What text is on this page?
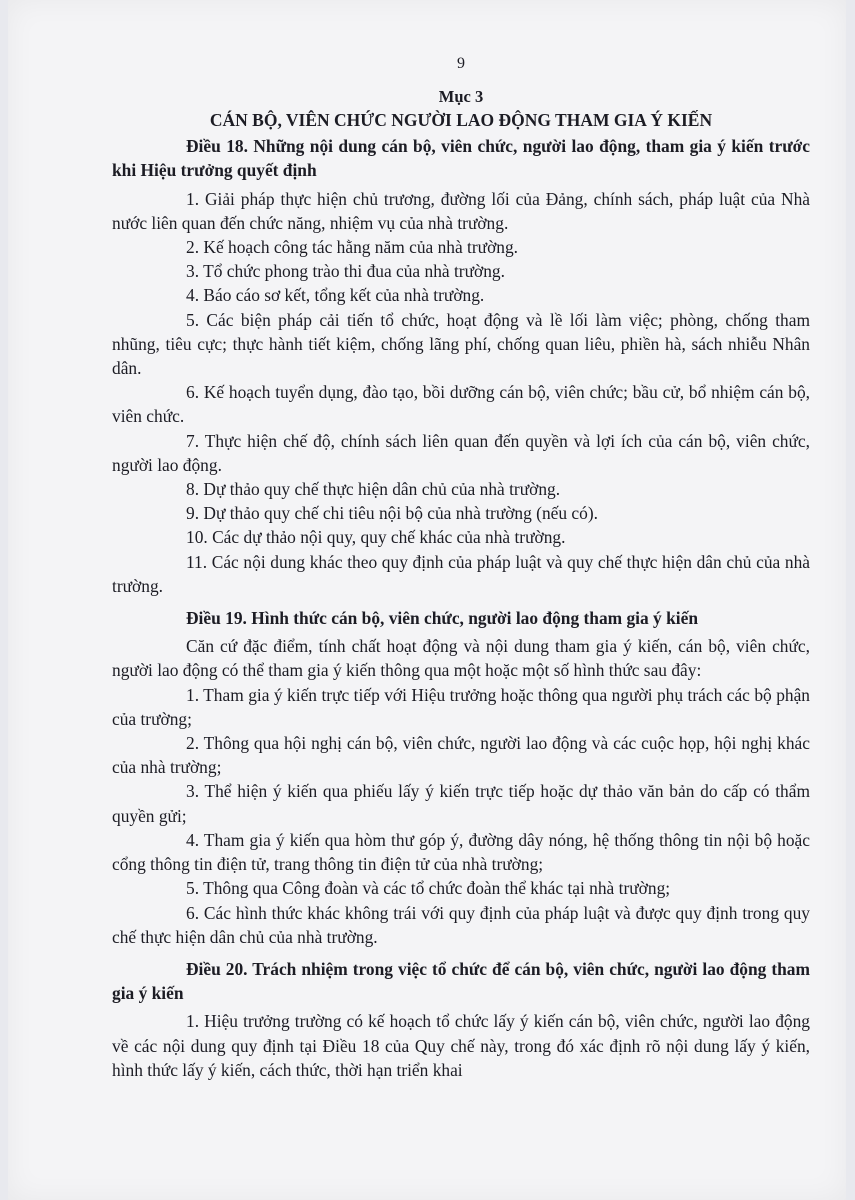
9
Mục 3
CÁN BỘ, VIÊN CHỨC NGƯỜI LAO ĐỘNG THAM GIA Ý KIẾN
Điều 18. Những nội dung cán bộ, viên chức, người lao động, tham gia ý kiến trước khi Hiệu trưởng quyết định

1. Giải pháp thực hiện chủ trương, đường lối của Đảng, chính sách, pháp luật của Nhà nước liên quan đến chức năng, nhiệm vụ của nhà trường.

2. Kế hoạch công tác hằng năm của nhà trường.

3. Tổ chức phong trào thi đua của nhà trường.

4. Báo cáo sơ kết, tổng kết của nhà trường.

5. Các biện pháp cải tiến tổ chức, hoạt động và lề lối làm việc; phòng, chống tham nhũng, tiêu cực; thực hành tiết kiệm, chống lãng phí, chống quan liêu, phiền hà, sách nhiễu Nhân dân.

6. Kế hoạch tuyển dụng, đào tạo, bồi dưỡng cán bộ, viên chức; bầu cử, bổ nhiệm cán bộ, viên chức.

7. Thực hiện chế độ, chính sách liên quan đến quyền và lợi ích của cán bộ, viên chức, người lao động.

8. Dự thảo quy chế thực hiện dân chủ của nhà trường.

9. Dự thảo quy chế chi tiêu nội bộ của nhà trường (nếu có).

10. Các dự thảo nội quy, quy chế khác của nhà trường.

11. Các nội dung khác theo quy định của pháp luật và quy chế thực hiện dân chủ của nhà trường.

Điều 19. Hình thức cán bộ, viên chức, người lao động tham gia ý kiến

Căn cứ đặc điểm, tính chất hoạt động và nội dung tham gia ý kiến, cán bộ, viên chức, người lao động có thể tham gia ý kiến thông qua một hoặc một số hình thức sau đây:

1. Tham gia ý kiến trực tiếp với Hiệu trưởng hoặc thông qua người phụ trách các bộ phận của trường;

2. Thông qua hội nghị cán bộ, viên chức, người lao động và các cuộc họp, hội nghị khác của nhà trường;

3. Thể hiện ý kiến qua phiếu lấy ý kiến trực tiếp hoặc dự thảo văn bản do cấp có thẩm quyền gửi;

4. Tham gia ý kiến qua hòm thư góp ý, đường dây nóng, hệ thống thông tin nội bộ hoặc cổng thông tin điện tử, trang thông tin điện tử của nhà trường;

5. Thông qua Công đoàn và các tổ chức đoàn thể khác tại nhà trường;

6. Các hình thức khác không trái với quy định của pháp luật và được quy định trong quy chế thực hiện dân chủ của nhà trường.

Điều 20. Trách nhiệm trong việc tổ chức để cán bộ, viên chức, người lao động tham gia ý kiến

1. Hiệu trưởng trường có kế hoạch tổ chức lấy ý kiến cán bộ, viên chức, người lao động về các nội dung quy định tại Điều 18 của Quy chế này, trong đó xác định rõ nội dung lấy ý kiến, hình thức lấy ý kiến, cách thức, thời hạn triển khai
